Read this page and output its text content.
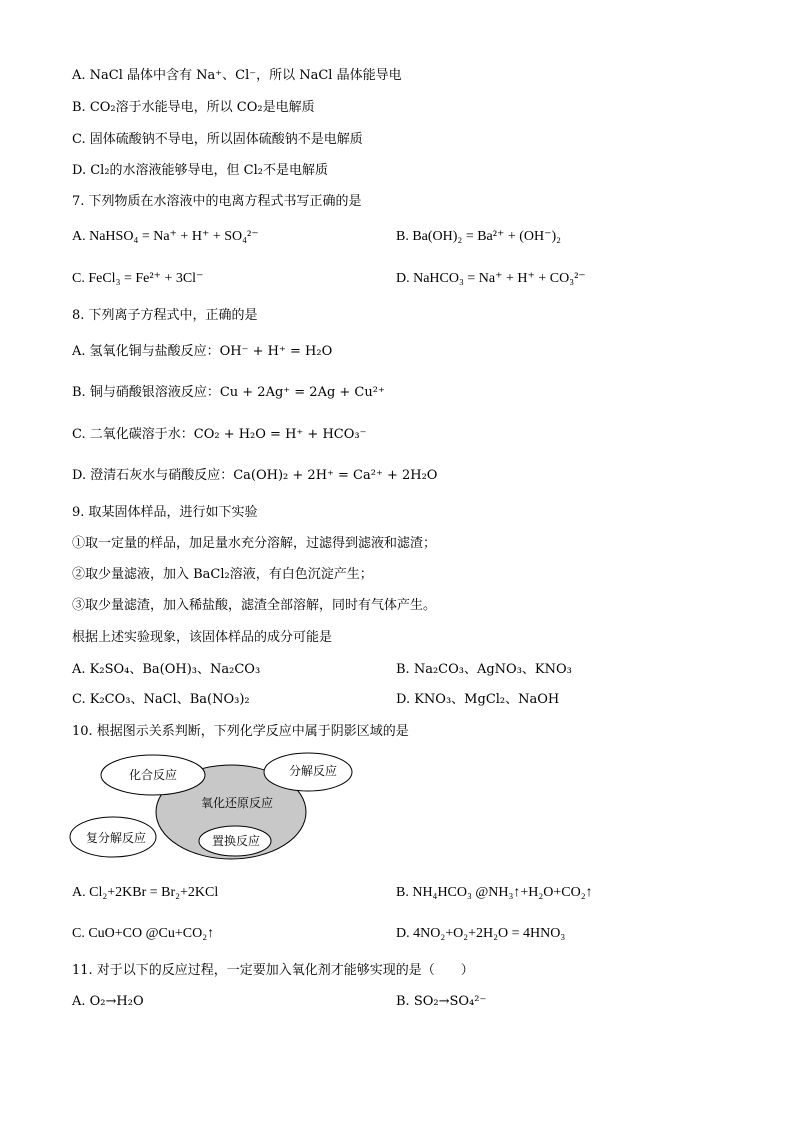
A. NaCl 晶体中含有 Na⁺、Cl⁻，所以 NaCl 晶体能导电
B. CO₂溶于水能导电，所以 CO₂是电解质
C. 固体硫酸钠不导电，所以固体硫酸钠不是电解质
D. Cl₂的水溶液能够导电，但 Cl₂不是电解质
7. 下列物质在水溶液中的电离方程式书写正确的是
A. NaHSO₄ = Na⁺ + H⁺ + SO₄²⁻	B. Ba(OH)₂ = Ba²⁺ + (OH⁻)₂
C. FeCl₃ = Fe²⁺ + 3Cl⁻	D. NaHCO₃ = Na⁺ + H⁺ + CO₃²⁻
8. 下列离子方程式中，正确的是
A. 氢氧化铜与盐酸反应：OH⁻ + H⁺ = H₂O
B. 铜与硝酸银溶液反应：Cu + 2Ag⁺ = 2Ag + Cu²⁺
C. 二氧化碳溶于水：CO₂ + H₂O = H⁺ + HCO₃⁻
D. 澄清石灰水与硝酸反应：Ca(OH)₂ + 2H⁺ = Ca²⁺ + 2H₂O
9. 取某固体样品，进行如下实验
①取一定量的样品，加足量水充分溶解，过滤得到滤液和滤渣；
②取少量滤液，加入 BaCl₂溶液，有白色沉淀产生；
③取少量滤渣，加入稀盐酸，滤渣全部溶解，同时有气体产生。
根据上述实验现象，该固体样品的成分可能是
A. K₂SO₄、Ba(OH)₃、Na₂CO₃	B. Na₂CO₃、AgNO₃、KNO₃
C. K₂CO₃、NaCl、Ba(NO₃)₂	D. KNO₃、MgCl₂、NaOH
10. 根据图示关系判断，下列化学反应中属于阴影区域的是
化合反应	分解反应
氧化还原反应
复分解反应	置换反应
A. Cl₂+2KBr = Br₂+2KCl	B. NH₄HCO₃ @NH₃↑+H₂O+CO₂↑
C. CuO+CO @Cu+CO₂↑	D. 4NO₂+O₂+2H₂O = 4HNO₃
11. 对于以下的反应过程，一定要加入氧化剂才能够实现的是（　　）
A. O₂→H₂O	B. SO₂→SO₄²⁻
